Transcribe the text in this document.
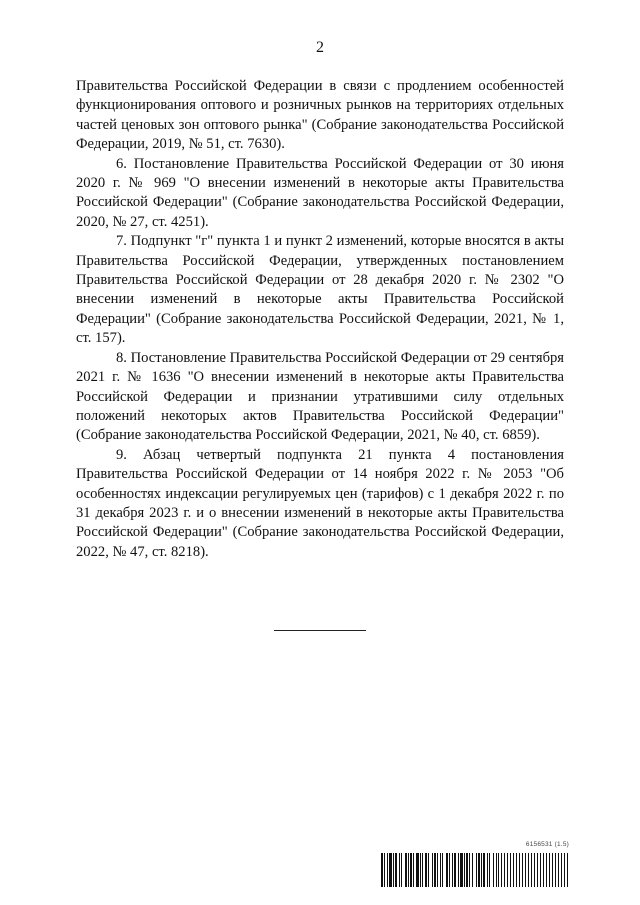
2

Правительства Российской Федерации в связи с продлением особенностей функционирования оптового и розничных рынков на территориях отдельных частей ценовых зон оптового рынка" (Собрание законодательства Российской Федерации, 2019, № 51, ст. 7630).

6. Постановление Правительства Российской Федерации от 30 июня 2020 г. № 969 "О внесении изменений в некоторые акты Правительства Российской Федерации" (Собрание законодательства Российской Федерации, 2020, № 27, ст. 4251).

7. Подпункт "г" пункта 1 и пункт 2 изменений, которые вносятся в акты Правительства Российской Федерации, утвержденных постановлением Правительства Российской Федерации от 28 декабря 2020 г. № 2302 "О внесении изменений в некоторые акты Правительства Российской Федерации" (Собрание законодательства Российской Федерации, 2021, № 1, ст. 157).

8. Постановление Правительства Российской Федерации от 29 сентября 2021 г. № 1636 "О внесении изменений в некоторые акты Правительства Российской Федерации и признании утратившими силу отдельных положений некоторых актов Правительства Российской Федерации" (Собрание законодательства Российской Федерации, 2021, № 40, ст. 6859).

9. Абзац четвертый подпункта 21 пункта 4 постановления Правительства Российской Федерации от 14 ноября 2022 г. № 2053 "Об особенностях индексации регулируемых цен (тарифов) с 1 декабря 2022 г. по 31 декабря 2023 г. и о внесении изменений в некоторые акты Правительства Российской Федерации" (Собрание законодательства Российской Федерации, 2022, № 47, ст. 8218).

6156531 (1.5)
